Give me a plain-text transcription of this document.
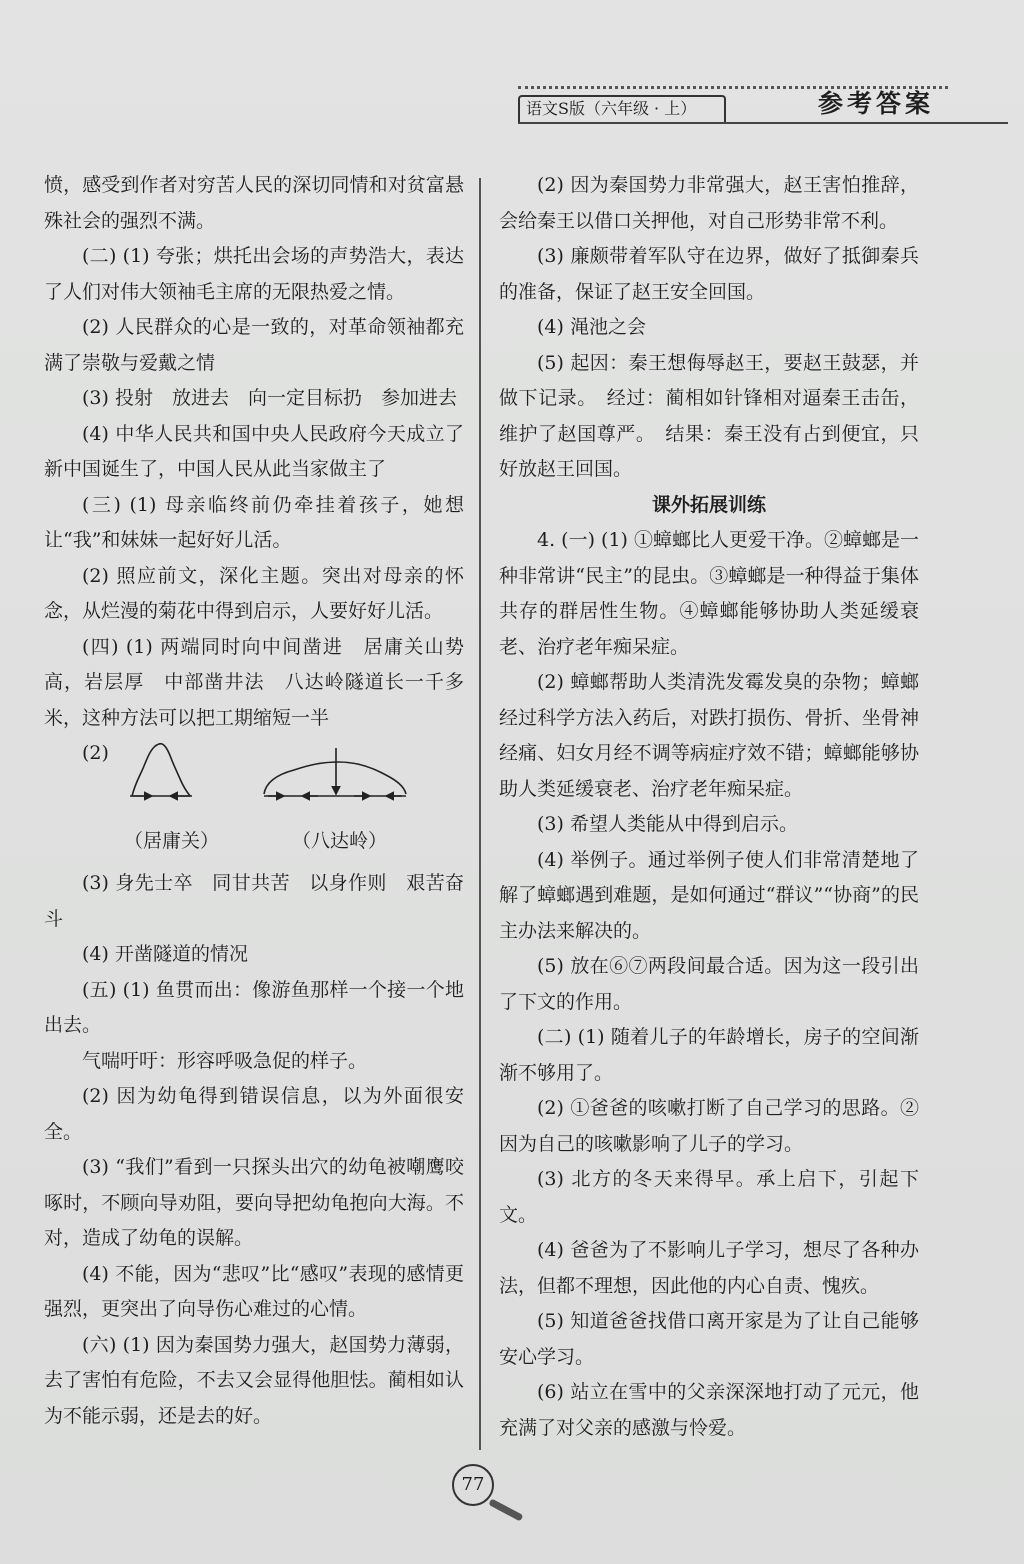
语文S版（六年级 · 上）	参考答案

愤，感受到作者对穷苦人民的深切同情和对贫富悬殊社会的强烈不满。

(二) (1) 夸张；烘托出会场的声势浩大，表达了人们对伟大领袖毛主席的无限热爱之情。

(2) 人民群众的心是一致的，对革命领袖都充满了崇敬与爱戴之情

(3) 投射　放进去　向一定目标扔　参加进去

(4) 中华人民共和国中央人民政府今天成立了　新中国诞生了，中国人民从此当家做主了

(三) (1) 母亲临终前仍牵挂着孩子，她想让“我”和妹妹一起好好儿活。

(2) 照应前文，深化主题。突出对母亲的怀念，从烂漫的菊花中得到启示，人要好好儿活。

(四) (1) 两端同时向中间凿进　居庸关山势高，岩层厚　中部凿井法　八达岭隧道长一千多米，这种方法可以把工期缩短一半

(2)
（居庸关）	（八达岭）

(3) 身先士卒　同甘共苦　以身作则　艰苦奋斗

(4) 开凿隧道的情况

(五) (1) 鱼贯而出：像游鱼那样一个接一个地出去。

气喘吁吁：形容呼吸急促的样子。

(2) 因为幼龟得到错误信息，以为外面很安全。

(3) “我们”看到一只探头出穴的幼龟被嘲鹰咬啄时，不顾向导劝阻，要向导把幼龟抱向大海。不对，造成了幼龟的误解。

(4) 不能，因为“悲叹”比“感叹”表现的感情更强烈，更突出了向导伤心难过的心情。

(六) (1) 因为秦国势力强大，赵国势力薄弱，去了害怕有危险，不去又会显得他胆怯。蔺相如认为不能示弱，还是去的好。

(2) 因为秦国势力非常强大，赵王害怕推辞，会给秦王以借口关押他，对自己形势非常不利。

(3) 廉颇带着军队守在边界，做好了抵御秦兵的准备，保证了赵王安全回国。

(4) 渑池之会

(5) 起因：秦王想侮辱赵王，要赵王鼓瑟，并做下记录。　经过：蔺相如针锋相对逼秦王击缶，维护了赵国尊严。　结果：秦王没有占到便宜，只好放赵王回国。

课外拓展训练

4. (一) (1) ①蟑螂比人更爱干净。②蟑螂是一种非常讲“民主”的昆虫。③蟑螂是一种得益于集体共存的群居性生物。④蟑螂能够协助人类延缓衰老、治疗老年痴呆症。

(2) 蟑螂帮助人类清洗发霉发臭的杂物；蟑螂经过科学方法入药后，对跌打损伤、骨折、坐骨神经痛、妇女月经不调等病症疗效不错；蟑螂能够协助人类延缓衰老、治疗老年痴呆症。

(3) 希望人类能从中得到启示。

(4) 举例子。通过举例子使人们非常清楚地了解了蟑螂遇到难题，是如何通过“群议”“协商”的民主办法来解决的。

(5) 放在⑥⑦两段间最合适。因为这一段引出了下文的作用。

(二) (1) 随着儿子的年龄增长，房子的空间渐渐不够用了。

(2) ①爸爸的咳嗽打断了自己学习的思路。②因为自己的咳嗽影响了儿子的学习。

(3) 北方的冬天来得早。承上启下，引起下文。

(4) 爸爸为了不影响儿子学习，想尽了各种办法，但都不理想，因此他的内心自责、愧疚。

(5) 知道爸爸找借口离开家是为了让自己能够安心学习。

(6) 站立在雪中的父亲深深地打动了元元，他充满了对父亲的感激与怜爱。

77
